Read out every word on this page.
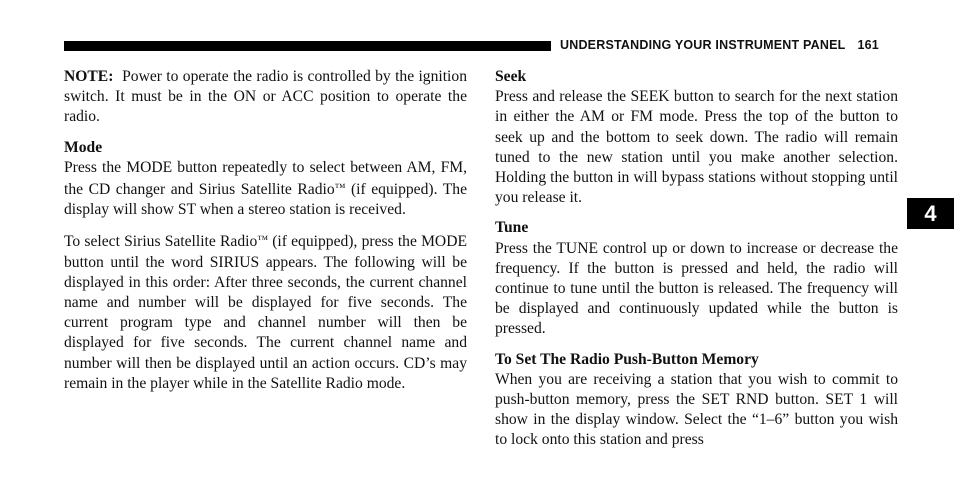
UNDERSTANDING YOUR INSTRUMENT PANEL 161

NOTE: Power to operate the radio is controlled by the ignition switch. It must be in the ON or ACC position to operate the radio.

Mode

Press the MODE button repeatedly to select between AM, FM, the CD changer and Sirius Satellite Radio™ (if equipped). The display will show ST when a stereo station is received.

To select Sirius Satellite Radio™ (if equipped), press the MODE button until the word SIRIUS appears. The following will be displayed in this order: After three seconds, the current channel name and number will be displayed for five seconds. The current program type and channel number will then be displayed for five seconds. The current channel name and number will then be displayed until an action occurs. CD’s may remain in the player while in the Satellite Radio mode.

Seek

Press and release the SEEK button to search for the next station in either the AM or FM mode. Press the top of the button to seek up and the bottom to seek down. The radio will remain tuned to the new station until you make another selection. Holding the button in will bypass stations without stopping until you release it.

Tune

Press the TUNE control up or down to increase or decrease the frequency. If the button is pressed and held, the radio will continue to tune until the button is released. The frequency will be displayed and continuously updated while the button is pressed.

To Set The Radio Push-Button Memory

When you are receiving a station that you wish to commit to push-button memory, press the SET RND button. SET 1 will show in the display window. Select the “1–6” button you wish to lock onto this station and press

4
